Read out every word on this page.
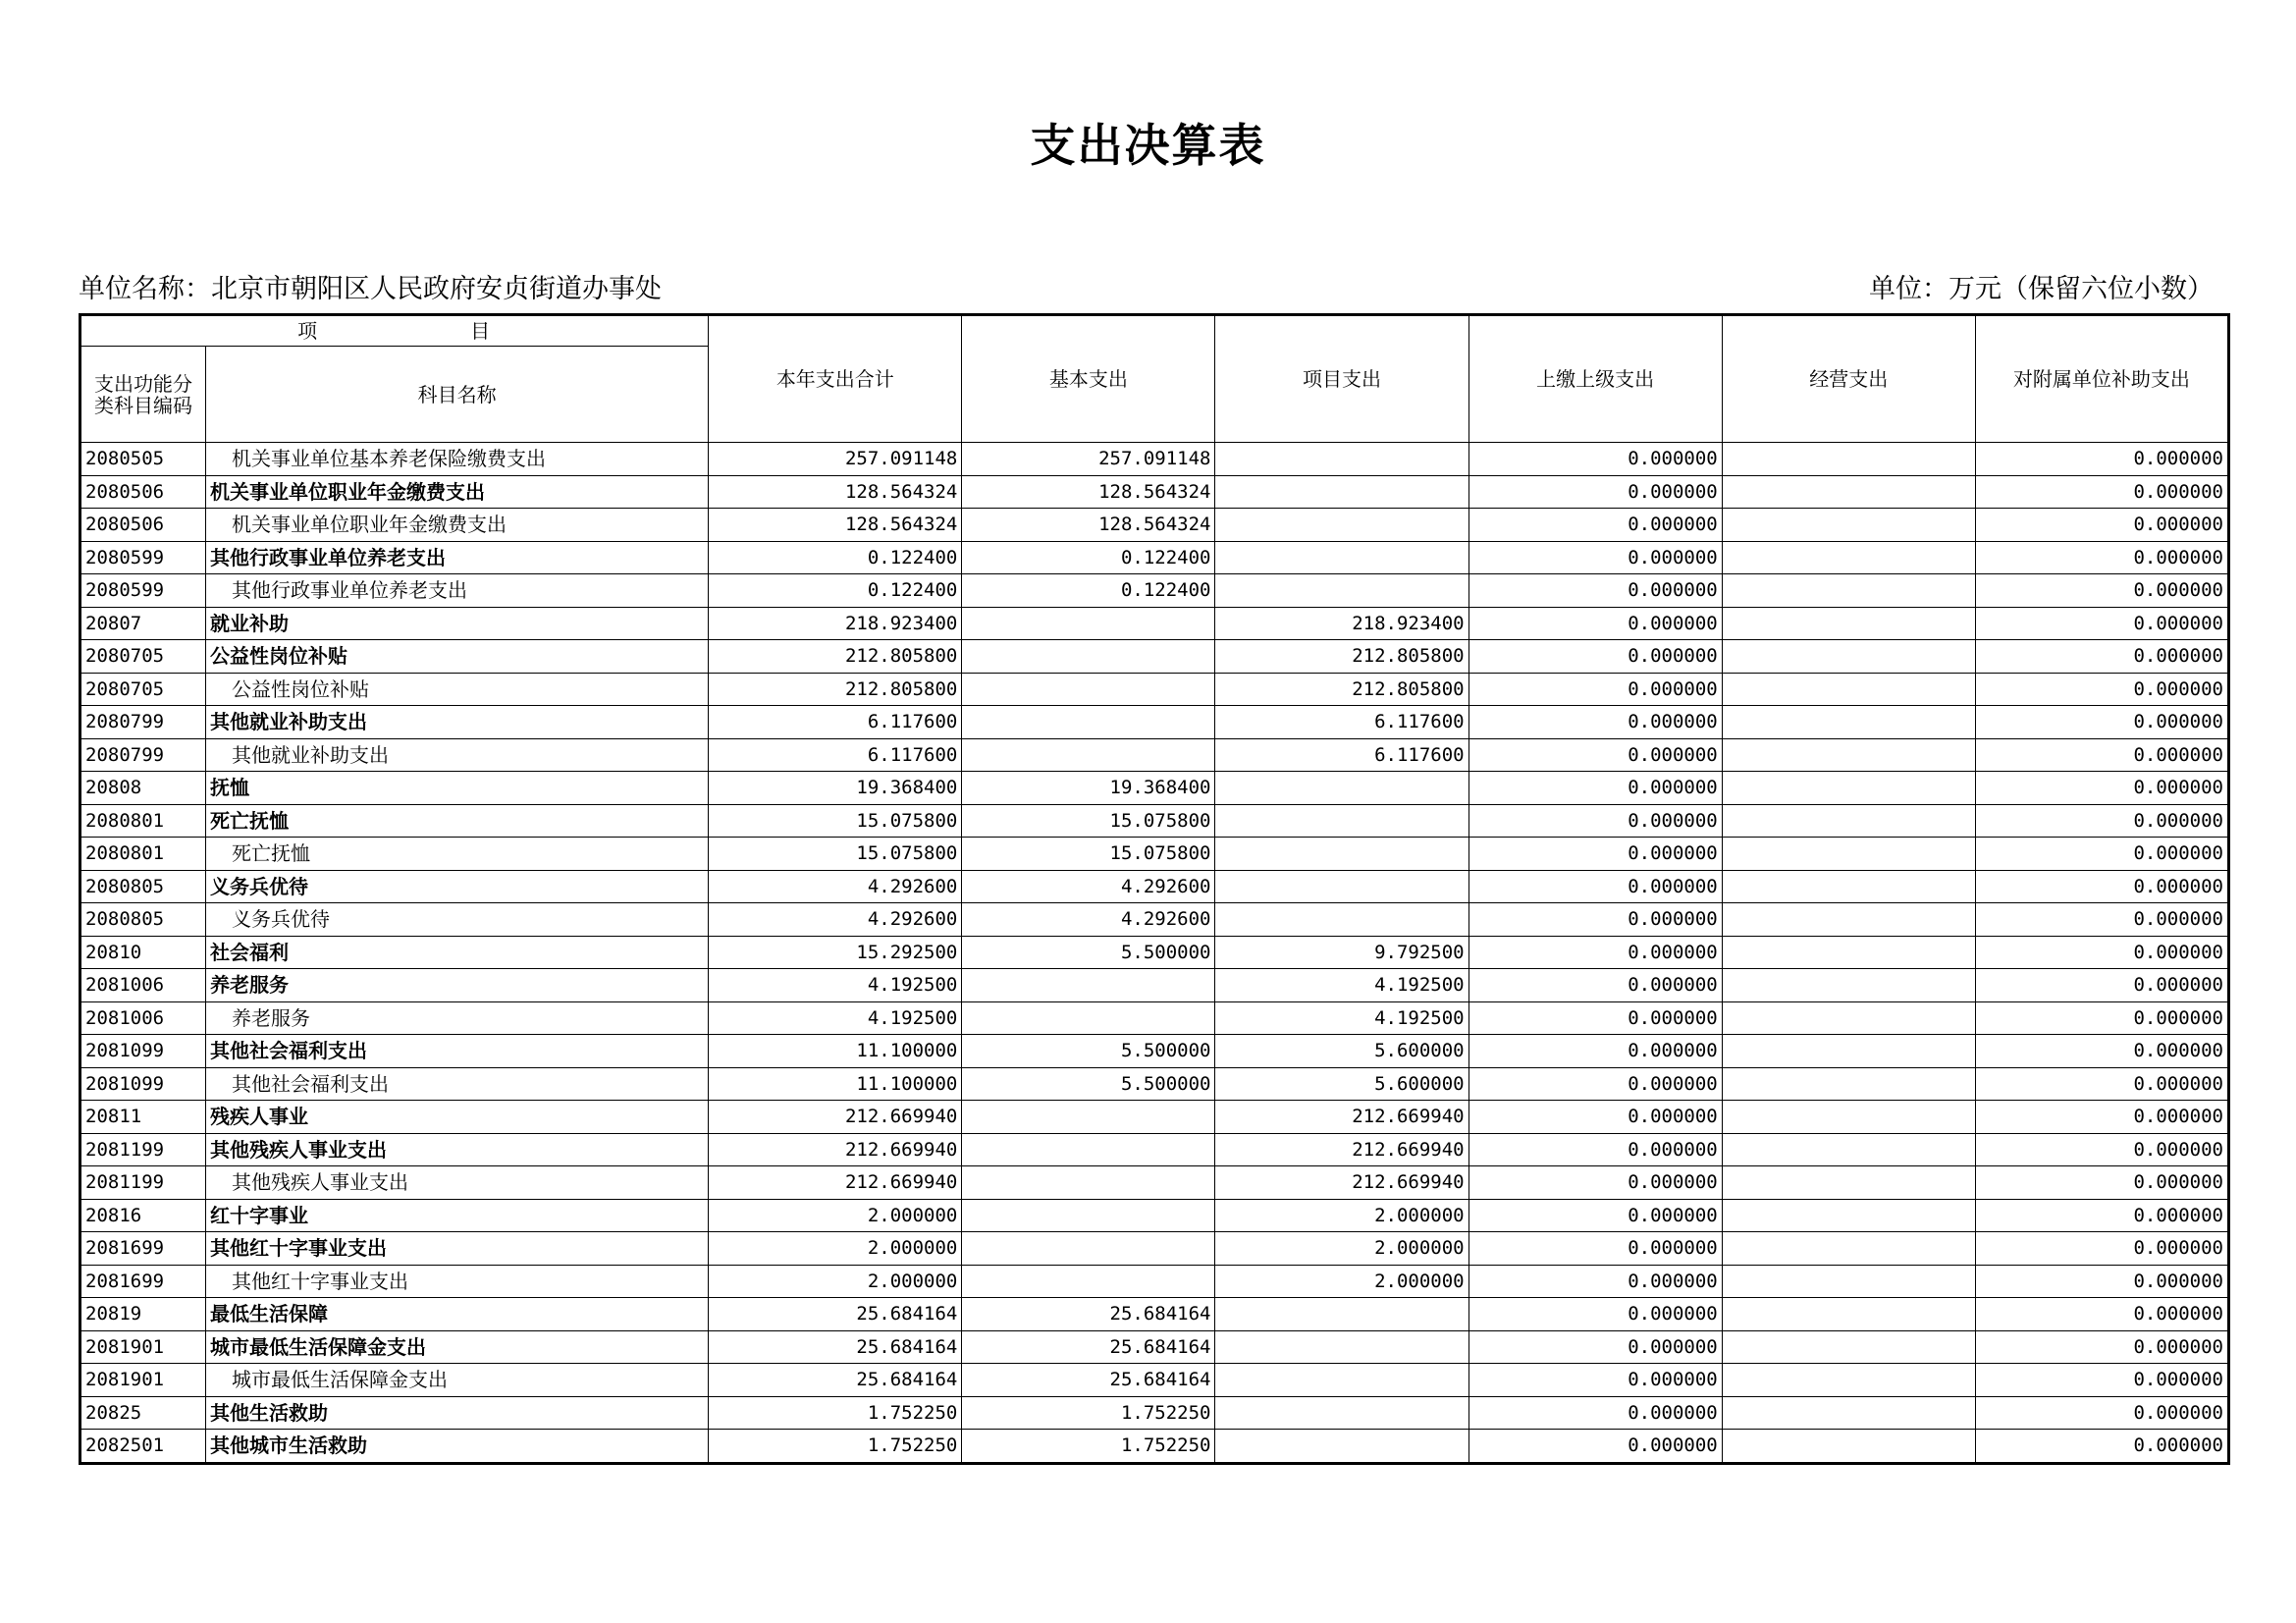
支出决算表
单位名称：北京市朝阳区人民政府安贞街道办事处	单位：万元（保留六位小数）
项　　　　　　　目		本年支出合计	基本支出	项目支出	上缴上级支出	经营支出	对附属单位补助支出
支出功能分类科目编码	科目名称						
2080505	机关事业单位基本养老保险缴费支出	257.091148	257.091148		0.000000		0.000000
2080506	机关事业单位职业年金缴费支出	128.564324	128.564324		0.000000		0.000000
2080506	机关事业单位职业年金缴费支出	128.564324	128.564324		0.000000		0.000000
2080599	其他行政事业单位养老支出	0.122400	0.122400		0.000000		0.000000
2080599	其他行政事业单位养老支出	0.122400	0.122400		0.000000		0.000000
20807	就业补助	218.923400		218.923400	0.000000		0.000000
2080705	公益性岗位补贴	212.805800		212.805800	0.000000		0.000000
2080705	公益性岗位补贴	212.805800		212.805800	0.000000		0.000000
2080799	其他就业补助支出	6.117600		6.117600	0.000000		0.000000
2080799	其他就业补助支出	6.117600		6.117600	0.000000		0.000000
20808	抚恤	19.368400	19.368400		0.000000		0.000000
2080801	死亡抚恤	15.075800	15.075800		0.000000		0.000000
2080801	死亡抚恤	15.075800	15.075800		0.000000		0.000000
2080805	义务兵优待	4.292600	4.292600		0.000000		0.000000
2080805	义务兵优待	4.292600	4.292600		0.000000		0.000000
20810	社会福利	15.292500	5.500000	9.792500	0.000000		0.000000
2081006	养老服务	4.192500		4.192500	0.000000		0.000000
2081006	养老服务	4.192500		4.192500	0.000000		0.000000
2081099	其他社会福利支出	11.100000	5.500000	5.600000	0.000000		0.000000
2081099	其他社会福利支出	11.100000	5.500000	5.600000	0.000000		0.000000
20811	残疾人事业	212.669940		212.669940	0.000000		0.000000
2081199	其他残疾人事业支出	212.669940		212.669940	0.000000		0.000000
2081199	其他残疾人事业支出	212.669940		212.669940	0.000000		0.000000
20816	红十字事业	2.000000		2.000000	0.000000		0.000000
2081699	其他红十字事业支出	2.000000		2.000000	0.000000		0.000000
2081699	其他红十字事业支出	2.000000		2.000000	0.000000		0.000000
20819	最低生活保障	25.684164	25.684164		0.000000		0.000000
2081901	城市最低生活保障金支出	25.684164	25.684164		0.000000		0.000000
2081901	城市最低生活保障金支出	25.684164	25.684164		0.000000		0.000000
20825	其他生活救助	1.752250	1.752250		0.000000		0.000000
2082501	其他城市生活救助	1.752250	1.752250		0.000000		0.000000
